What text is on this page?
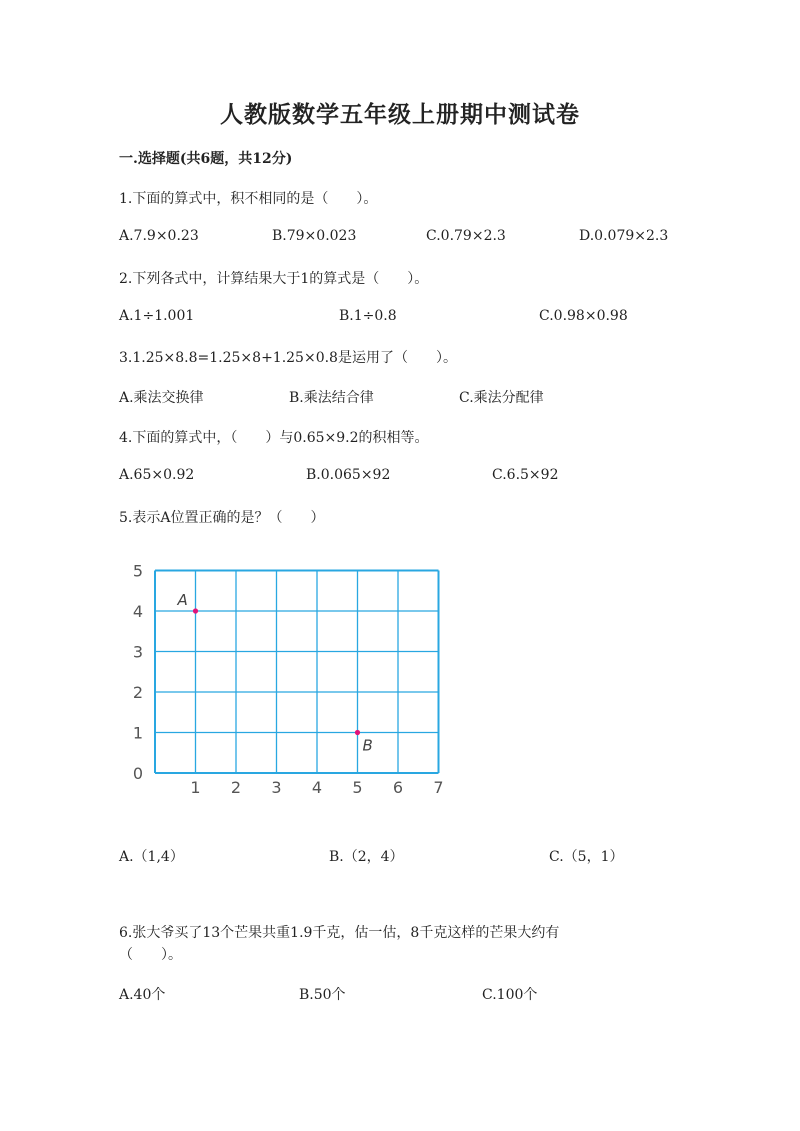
人教版数学五年级上册期中测试卷
一.选择题(共6题，共12分)
1.下面的算式中，积不相同的是（　　）。
A.7.9×0.23	B.79×0.023	C.0.79×2.3	D.0.079×2.3
2.下列各式中，计算结果大于1的算式是（　　）。
A.1÷1.001	B.1÷0.8	C.0.98×0.98
3.1.25×8.8=1.25×8+1.25×0.8是运用了（　　）。
A.乘法交换律	B.乘法结合律	C.乘法分配律
4.下面的算式中，（　　）与0.65×9.2的积相等。
A.65×0.92	B.0.065×92	C.6.5×92
5.表示A位置正确的是？（　　）
1 2 3 4 5 6 7
0
1
2
3
4
5
A
B
A.（1,4）	B.（2，4）	C.（5，1）
6.张大爷买了13个芒果共重1.9千克，估一估，8千克这样的芒果大约有
（　　）。
A.40个	B.50个	C.100个
